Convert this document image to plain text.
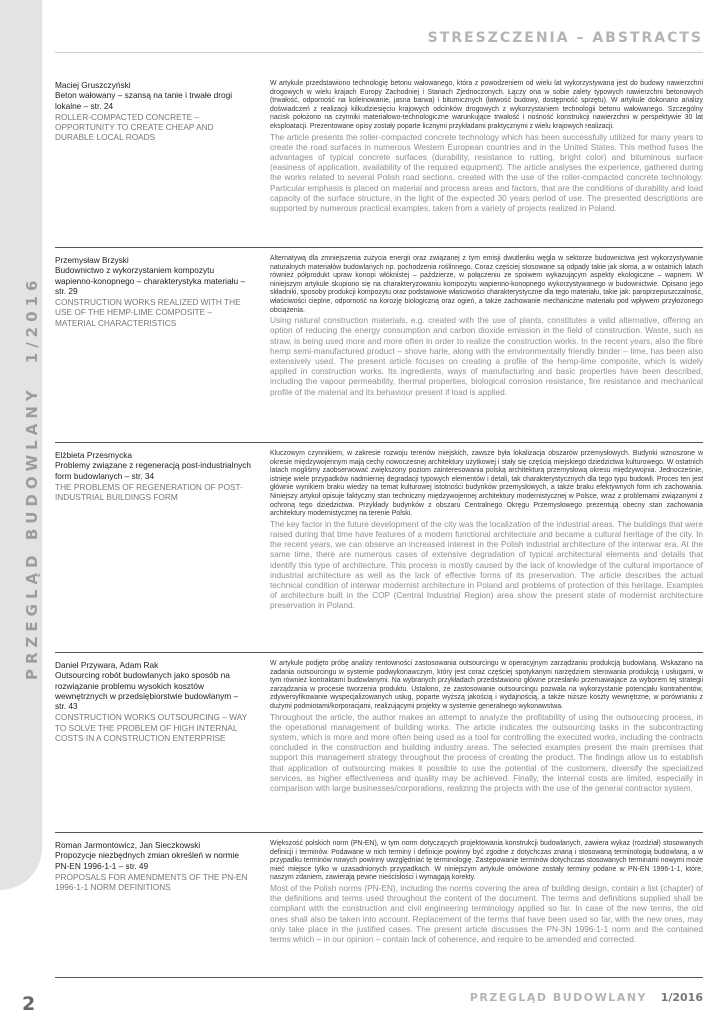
PRZEGLĄD BUDOWLANY1/2016
STRESZCZENIA – ABSTRACTS
Maciej Gruszczyński
Beton wałowany – szansą na tanie i trwałe drogi lokalne – str. 24
ROLLER-COMPACTED CONCRETE – OPPORTUNITY TO CREATE CHEAP AND DURABLE LOCAL ROADS
W artykule przedstawiono technologię betonu wałowanego, która z powodzeniem od wielu lat wykorzystywana jest do budowy nawierzchni drogowych w wielu krajach Europy Zachodniej i Stanach Zjednoczonych. Łączy ona w sobie zalety typowych nawierzchni betonowych (trwałość, odporność na koleinowanie, jasna barwa) i bitumicznych (łatwość budowy, dostępność sprzętu). W artykule dokonano analizy doświadczeń z realizacji kilkudziesięciu krajowych odcinków drogowych z wykorzystaniem technologii betonu wałowanego. Szczególny nacisk położono na czynniki materiałowo-technologiczne warunkujące trwałość i nośność konstrukcji nawierzchni w perspektywie 30 lat eksploatacji. Prezentowane opisy zostały poparte licznymi przykładami praktycznymi z wielu krajowych realizacji.
The article presents the roller-compacted concrete technology which has been successfully utilized for many years to create the road surfaces in numerous Western European countries and in the United States. This method fuses the advantages of typical concrete surfaces (durability, resistance to rutting, bright color) and bituminous surface (easiness of application, availability of the required equipment). The article analyses the experience, gathered during the works related to several Polish road sections, created with the use of the roller-compacted concrete technology. Particular emphasis is placed on material and process areas and factors, that are the conditions of durability and load capacity of the surface structure, in the light of the expected 30 years period of use. The presented descriptions are supported by numerous practical examples, taken from a variety of projects realized in Poland.
Przemysław Brzyski
Budownictwo z wykorzystaniem kompozytu wapienno-konopnego – charakterystyka materiału – str. 29
CONSTRUCTION WORKS REALIZED WITH THE USE OF THE HEMP-LIME COMPOSITE – MATERIAL CHARACTERISTICS
Alternatywą dla zmniejszenia zużycia energii oraz związanej z tym emisji dwutlenku węgla w sektorze budownictwa jest wykorzystywanie naturalnych materiałów budowlanych np. pochodzenia roślinnego. Coraz częściej stosowane są odpady takie jak słoma, a w ostatnich latach również półprodukt upraw konopi włóknistej – paździerze, w połączeniu ze spoiwem wykazującym aspekty ekologiczne – wapnem. W niniejszym artykule skupiono się na charakteryzowaniu kompozytu wapienno-konopnego wykorzystywanego w budownictwie. Opisano jego składniki, sposoby produkcji kompozytu oraz podstawowe właściwości charakterystyczne dla tego materiału, takie jak: paroprzepuszczalność, właściwości cieplne, odporność na korozję biologiczną oraz ogień, a także zachowanie mechaniczne materiału pod wpływem przyłożonego obciążenia.
Using natural construction materials, e.g. created with the use of plants, constitutes a valid alternative, offering an option of reducing the energy consumption and carbon dioxide emission in the field of construction. Waste, such as straw, is being used more and more often in order to realize the construction works. In the recent years, also the fibre hemp semi-manufactured product – shove harle, along with the environmentally friendly binder – lime, has been also extensively used. The present article focuses on creating a profile of the hemp-lime composite, which is widely applied in construction works. Its ingredients, ways of manufacturing and basic properties have been described, including the vapour permeability, thermal properties, biological corrosion resistance, fire resistance and mechanical profile of the material and its behaviour present if load is applied.
Elżbieta Przesmycka
Problemy związane z regeneracją post-industrialnych form budowlanych – str. 34
THE PROBLEMS OF REGENERATION OF POST-INDUSTRIAL BUILDINGS FORM
Kluczowym czynnikiem, w zakresie rozwoju terenów miejskich, zawsze była lokalizacja obszarów przemysłowych. Budynki wznoszone w okresie międzywojennym mają cechy nowoczesnej architektury użytkowej i stały się częścią miejskiego dziedzictwa kulturowego. W ostatnich latach mogliśmy zaobserwować zwiększony poziom zainteresowania polską architekturą przemysłową okresu międzywojnia. Jednocześnie, istnieje wiele przypadków nadmiernej degradacji typowych elementów i detali, tak charakterystycznych dla tego typu budowli. Proces ten jest głównie wynikiem braku wiedzy na temat kulturowej istotności budynków przemysłowych, a także braku efektywnych form ich zachowania. Niniejszy artykuł opisuje faktyczny stan techniczny międzywojennej architektury modernistycznej w Polsce, wraz z problemami związanymi z ochroną tego dziedzictwa. Przykłady budynków z obszaru Centralnego Okręgu Przemysłowego prezentują obecny stan zachowania architektury modernistycznej na terenie Polski.
The key factor in the future development of the city was the localization of the industrial areas. The buildings that were raised during that time have features of a modern functional architecture and became a cultural heritage of the city. In the recent years, we can observe an increased interest in the Polish industrial architecture of the interwar era. At the same time, there are numerous cases of extensive degradation of typical architectural elements and details that identify this type of architecture. This process is mostly caused by the lack of knowledge of the cultural importance of industrial architecture as well as the lack of effective forms of its preservation. The article describes the actual technical condition of interwar modernist architecture in Poland and problems of protection of this heritage. Examples of architecture built in the COP (Central Industrial Region) area show the present state of modernist architecture preservation in Poland.
Daniel Przywara, Adam Rak
Outsourcing robót budowlanych jako sposób na rozwiązanie problemu wysokich kosztów wewnętrznych w przedsiębiorstwie budowlanym – str. 43
CONSTRUCTION WORKS OUTSOURCING – WAY TO SOLVE THE PROBLEM OF HIGH INTERNAL COSTS IN A CONSTRUCTION ENTERPRISE
W artykule podjęto próbę analizy rentowności zastosowania outsourcingu w operacyjnym zarządzaniu produkcją budowlaną. Wskazano na zadania outsourcingu w systemie podwykonawczym, który jest coraz częściej spotykanym narzędziem sterowania produkcją i usługami, w tym również kontraktami budowlanymi. Na wybranych przykładach przedstawiono główne przesłanki przemawiające za wyborem tej strategii zarządzania w procesie tworzenia produktu. Ustalono, że zastosowanie outsourcingu pozwala na wykorzystanie potencjału kontrahentów, zdywersyfikowanie wyspecjalizowanych usług, poparte wyższą jakością i wydajnością, a także niższe koszty wewnętrzne, w porównaniu z dużymi podmiotami/korporacjami, realizującymi projekty w systemie generalnego wykonawstwa.
Throughout the article, the author makes an attempt to analyze the profitability of using the outsourcing process, in the operational management of building works. The article indicates the outsourcing tasks in the subcontracting system, which is more and more often being used as a tool for controlling the executed works, including the contracts concluded in the construction and building industry areas. The selected examples present the main premises that support this management strategy throughout the process of creating the product. The findings allow us to establish that application of outsourcing makes it possible to use the potential of the customers, diversify the specialized services, as higher effectiveness and quality may be achieved. Finally, the internal costs are limited, especially in comparison with large businesses/corporations, realizing the projects with the use of the general contractor system.
Roman Jarmontowicz, Jan Sieczkowski
Propozycje niezbędnych zmian określeń w normie PN-EN 1996-1-1 – str. 49
PROPOSALS FOR AMENDMENTS OF THE PN-EN 1996-1-1 NORM DEFINITIONS
Większość polskich norm (PN-EN), w tym norm dotyczących projektowania konstrukcji budowlanych, zawiera wykaz (rozdział) stosowanych definicji i terminów. Podawane w nich terminy i definicje powinny być zgodne z dotychczas znaną i stosowaną terminologią budowlaną, a w przypadku terminów nowych powinny uwzględniać tę terminologię. Zastępowanie terminów dotychczas stosowanych terminami nowymi może mieć miejsce tylko w uzasadnionych przypadkach. W niniejszym artykule omówione zostały terminy podane w PN-EN 1996-1-1, które, naszym zdaniem, zawierają pewne nieścisłości i wymagają korekty.
Most of the Polish norms (PN-EN), including the norms covering the area of building design, contain a list (chapter) of the definitions and terms used throughout the content of the document. The terms and definitions supplied shall be compliant with the construction and civil engineering terminology applied so far. In case of the new terms, the old ones shall also be taken into account. Replacement of the terms that have been used so far, with the new ones, may only take place in the justified cases. The present article discusses the PN-3N 1996-1-1 norm and the contained terms which – in our opinion – contain lack of coherence, and require to be amended and corrected.
2	PRZEGLĄD BUDOWLANY 1/2016
